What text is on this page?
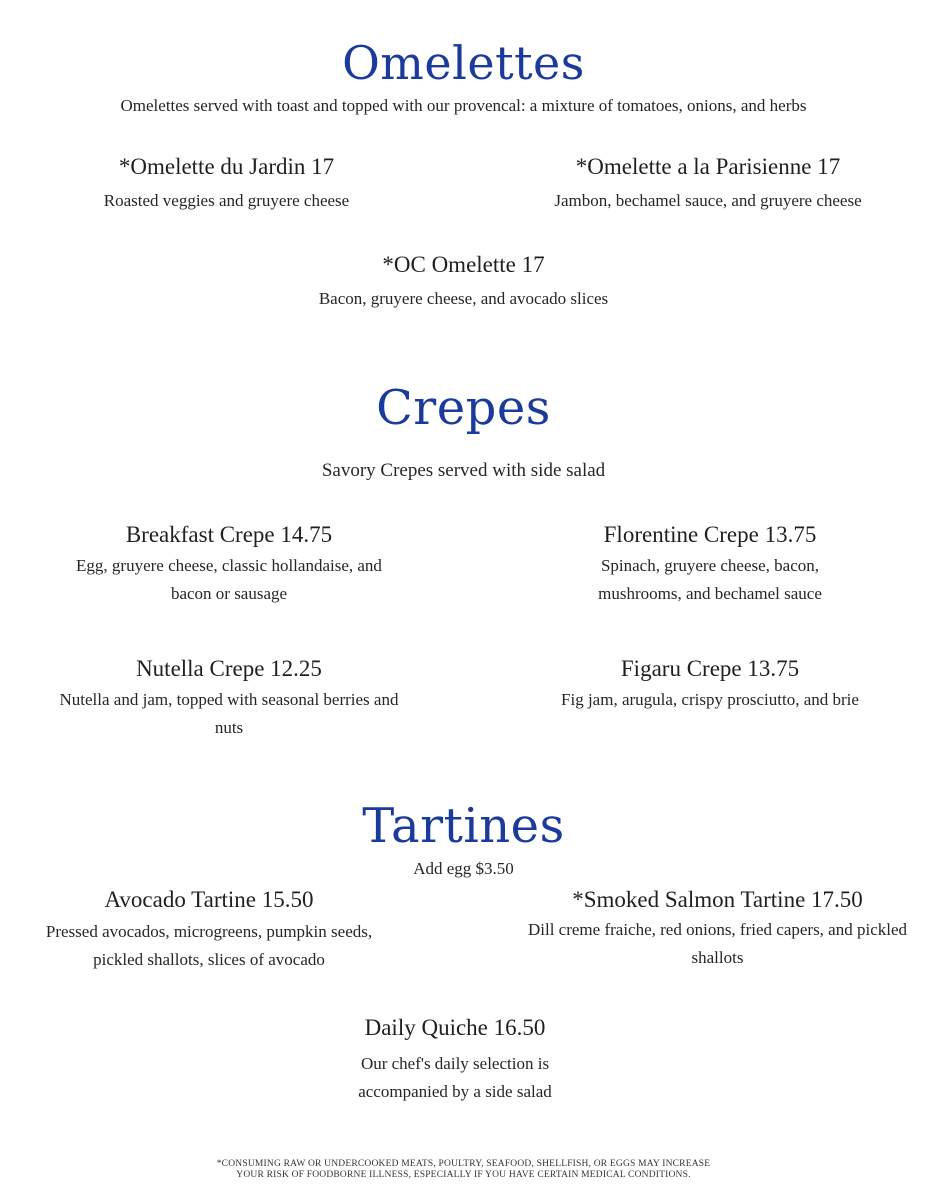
Omelettes
Omelettes served with toast and topped with our provencal: a mixture of tomatoes, onions, and herbs
*Omelette du Jardin 17
Roasted veggies and gruyere cheese
*Omelette a la Parisienne 17
Jambon, bechamel sauce, and gruyere cheese
*OC Omelette 17
Bacon, gruyere cheese, and avocado slices
Crepes
Savory Crepes served with side salad
Breakfast Crepe 14.75
Egg, gruyere cheese, classic hollandaise, and bacon or sausage
Florentine Crepe 13.75
Spinach, gruyere cheese, bacon, mushrooms, and bechamel sauce
Nutella Crepe 12.25
Nutella and jam, topped with seasonal berries and nuts
Figaru Crepe 13.75
Fig jam, arugula, crispy prosciutto, and brie
Tartines
Add egg $3.50
Avocado Tartine 15.50
Pressed avocados, microgreens, pumpkin seeds, pickled shallots, slices of avocado
*Smoked Salmon Tartine 17.50
Dill creme fraiche, red onions, fried capers, and pickled shallots
Daily Quiche 16.50
Our chef's daily selection is accompanied by a side salad
*CONSUMING RAW OR UNDERCOOKED MEATS, POULTRY, SEAFOOD, SHELLFISH, OR EGGS MAY INCREASE
YOUR RISK OF FOODBORNE ILLNESS, ESPECIALLY IF YOU HAVE CERTAIN MEDICAL CONDITIONS.
